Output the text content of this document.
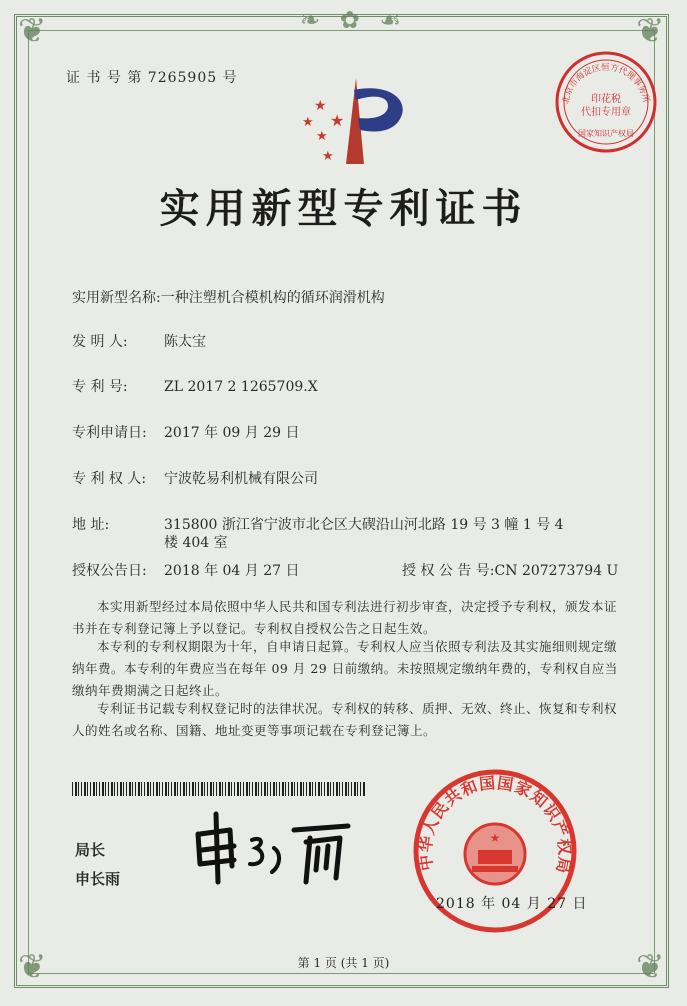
❦	❦
❦	❦
❧ ✿ ☙
证 书 号 第 7265905 号
★
★
★
★
★
北京市海淀区恒方代理事务所
印花税
代扣专用章
国家知识产权局
实用新型专利证书
实用新型名称:一种注塑机合模机构的循环润滑机构
发 明 人:	陈太宝
专 利 号:	ZL 2017 2 1265709.X
专利申请日: 2017 年 09 月 29 日
专 利 权 人: 宁波乾易利机械有限公司
地 址:	315800 浙江省宁波市北仑区大碶沿山河北路 19 号 3 幢 1 号 4
楼 404 室
授权公告日: 2018 年 04 月 27 日	授 权 公 告 号:CN 207273794 U
本实用新型经过本局依照中华人民共和国专利法进行初步审查，决定授予专利权，颁发本证书并在专利登记簿上予以登记。专利权自授权公告之日起生效。
本专利的专利权期限为十年，自申请日起算。专利权人应当依照专利法及其实施细则规定缴纳年费。本专利的年费应当在每年 09 月 29 日前缴纳。未按照规定缴纳年费的，专利权自应当缴纳年费期满之日起终止。
专利证书记载专利权登记时的法律状况。专利权的转移、质押、无效、终止、恢复和专利权人的姓名或名称、国籍、地址变更等事项记载在专利登记簿上。
局长
申长雨
中华人民共和国国家知识产权局
★
2018 年 04 月 27 日
第 1 页 (共 1 页)
